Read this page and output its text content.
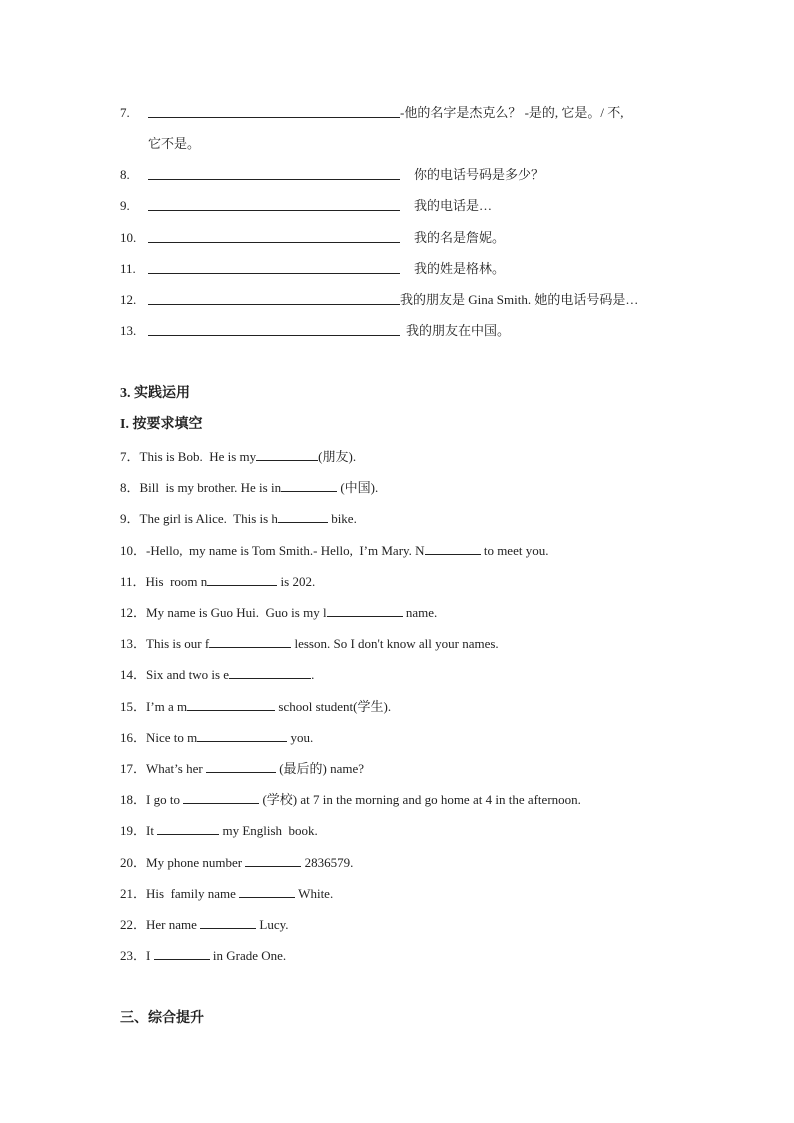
7.	-他的名字是杰克么？ -是的, 它是。/ 不,
它不是。
8.	你的电话号码是多少？
9.	我的电话是…
10.	我的名是詹妮。
11.	我的姓是格林。
12.	我的朋友是 Gina Smith. 她的电话号码是…
13.	我的朋友在中国。
3. 实践运用
I. 按要求填空
7．This is Bob.  He is my	(朋友).
8．Bill  is my brother. He is in	(中国).
9．The girl is Alice.  This is h	bike.
10．-Hello,  my name is Tom Smith.- Hello,  I’m Mary. N	to meet you.
11．His  room n	is 202.
12．My name is Guo Hui.  Guo is my l	name.
13．This is our f	lesson. So I don't know all your names.
14．Six and two is e	.
15．I’m a m	school student(学生).
16．Nice to m	you.
17．What’s her	(最后的) name?
18．I go to	(学校) at 7 in the morning and go home at 4 in the afternoon.
19．It	my English  book.
20．My phone number	2836579.
21．His  family name	White.
22．Her name	Lucy.
23．I	in Grade One.
三、综合提升
